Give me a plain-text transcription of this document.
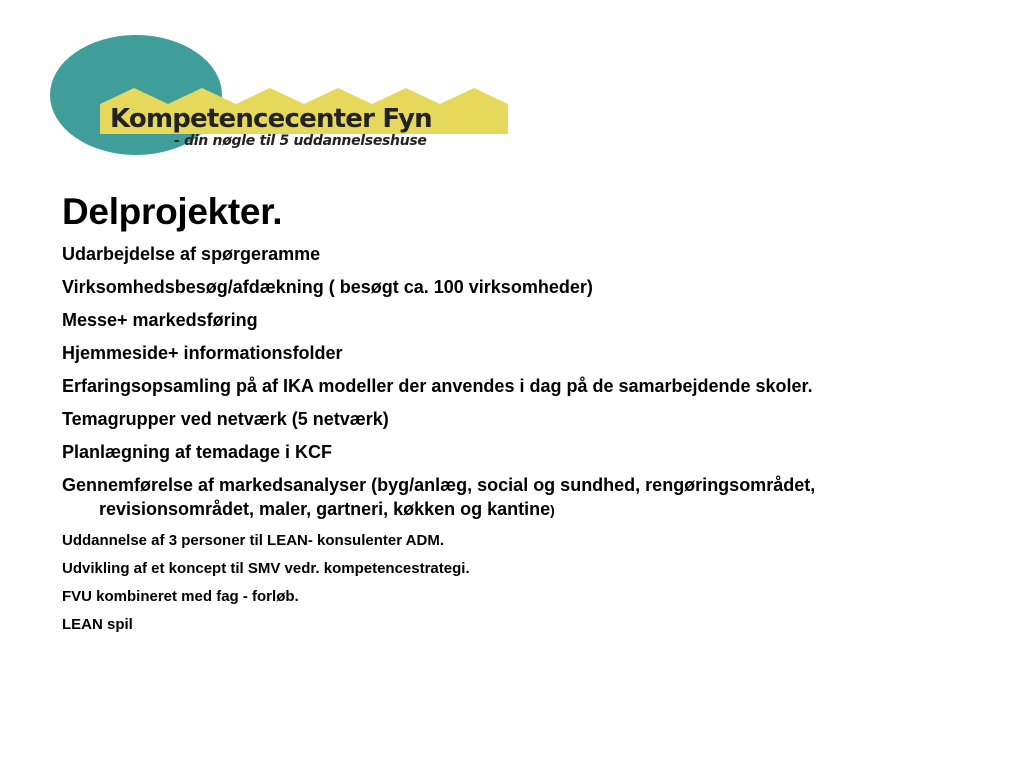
Kompetencecenter Fyn
- din nøgle til 5 uddannelseshuse
Delprojekter.
Udarbejdelse af spørgeramme
Virksomhedsbesøg/afdækning ( besøgt ca. 100 virksomheder)
Messe+ markedsføring
Hjemmeside+ informationsfolder
Erfaringsopsamling på af IKA modeller der anvendes i dag på de samarbejdende skoler.
Temagrupper ved netværk (5 netværk)
Planlægning af temadage i KCF
Gennemførelse af markedsanalyser (byg/anlæg, social og sundhed, rengøringsområdet, revisionsområdet, maler, gartneri, køkken og kantine)
Uddannelse af 3 personer til LEAN- konsulenter ADM.
Udvikling af et koncept til SMV vedr. kompetencestrategi.
FVU kombineret med fag - forløb.
LEAN spil
